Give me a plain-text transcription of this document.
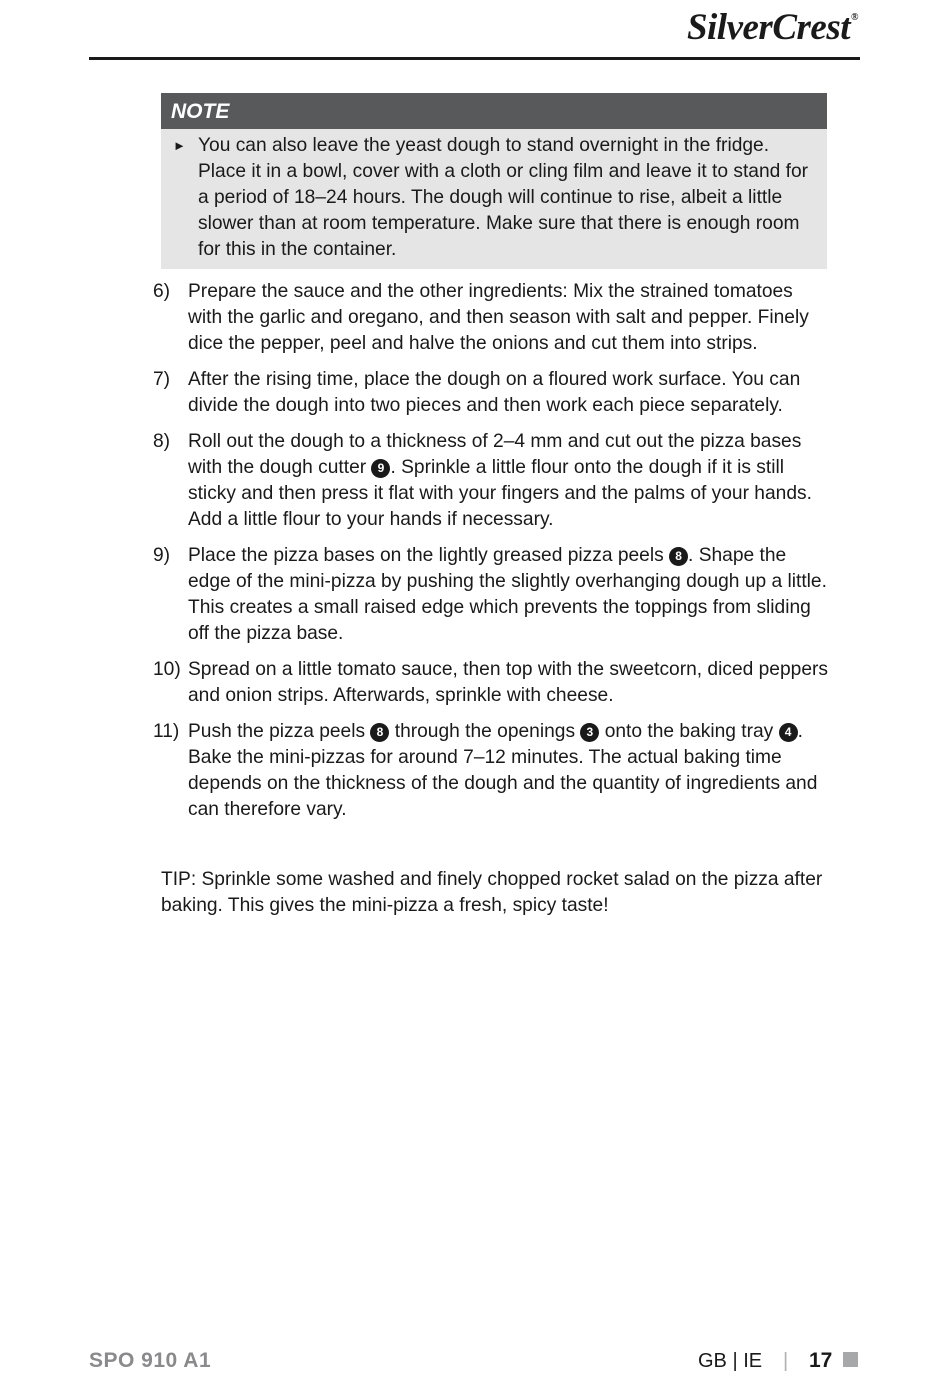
SilverCrest®
NOTE
► You can also leave the yeast dough to stand overnight in the fridge. Place it in a bowl, cover with a cloth or cling film and leave it to stand for a period of 18–24 hours. The dough will continue to rise, albeit a little slower than at room temperature. Make sure that there is enough room for this in the container.
6) Prepare the sauce and the other ingredients: Mix the strained tomatoes with the garlic and oregano, and then season with salt and pepper. Finely dice the pepper, peel and halve the onions and cut them into strips.
7) After the rising time, place the dough on a floured work surface. You can divide the dough into two pieces and then work each piece separately.
8) Roll out the dough to a thickness of 2–4 mm and cut out the pizza bases with the dough cutter 9 . Sprinkle a little flour onto the dough if it is still sticky and then press it flat with your fingers and the palms of your hands. Add a little flour to your hands if necessary.
9) Place the pizza bases on the lightly greased pizza peels 8 . Shape the edge of the mini-pizza by pushing the slightly overhanging dough up a little. This creates a small raised edge which prevents the toppings from sliding off the pizza base.
10) Spread on a little tomato sauce, then top with the sweetcorn, diced peppers and onion strips. Afterwards, sprinkle with cheese.
11) Push the pizza peels 8 through the openings 3 onto the baking tray 4 . Bake the mini-pizzas for around 7–12 minutes. The actual baking time depends on the thickness of the dough and the quantity of ingredients and can therefore vary.
TIP: Sprinkle some washed and finely chopped rocket salad on the pizza after baking. This gives the mini-pizza a fresh, spicy taste!
SPO 910 A1	GB | IE | 17
